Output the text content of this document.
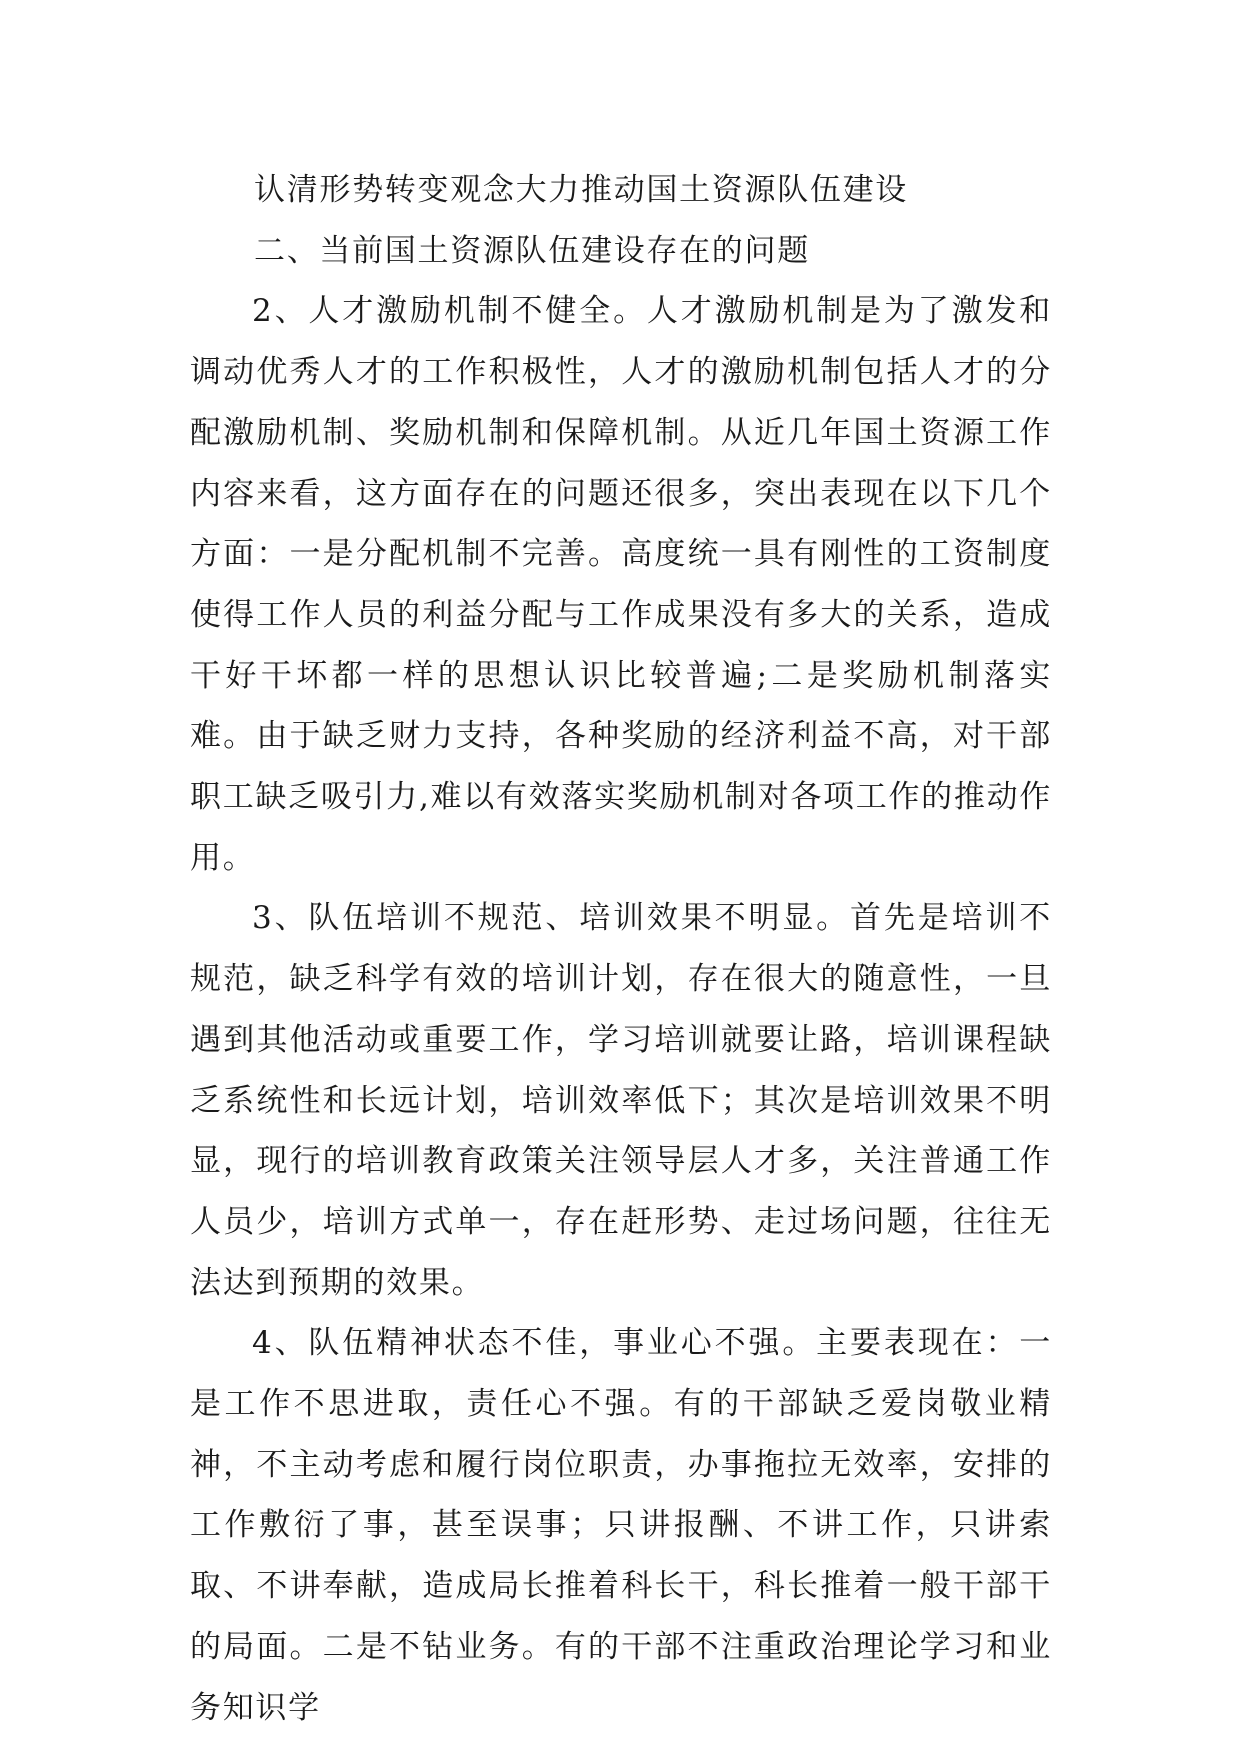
认清形势转变观念大力推动国土资源队伍建设
二、当前国土资源队伍建设存在的问题

2、人才激励机制不健全。人才激励机制是为了激发和调动优秀人才的工作积极性，人才的激励机制包括人才的分配激励机制、奖励机制和保障机制。从近几年国土资源工作内容来看，这方面存在的问题还很多，突出表现在以下几个方面：一是分配机制不完善。高度统一具有刚性的工资制度使得工作人员的利益分配与工作成果没有多大的关系，造成干好干坏都一样的思想认识比较普遍;二是奖励机制落实难。由于缺乏财力支持，各种奖励的经济利益不高，对干部职工缺乏吸引力,难以有效落实奖励机制对各项工作的推动作用。

3、队伍培训不规范、培训效果不明显。首先是培训不规范，缺乏科学有效的培训计划，存在很大的随意性，一旦遇到其他活动或重要工作，学习培训就要让路，培训课程缺乏系统性和长远计划，培训效率低下；其次是培训效果不明显，现行的培训教育政策关注领导层人才多，关注普通工作人员少，培训方式单一，存在赶形势、走过场问题，往往无法达到预期的效果。

4、队伍精神状态不佳，事业心不强。主要表现在：一是工作不思进取，责任心不强。有的干部缺乏爱岗敬业精神，不主动考虑和履行岗位职责，办事拖拉无效率，安排的工作敷衍了事，甚至误事；只讲报酬、不讲工作，只讲索取、不讲奉献，造成局长推着科长干，科长推着一般干部干的局面。二是不钻业务。有的干部不注重政治理论学习和业务知识学
